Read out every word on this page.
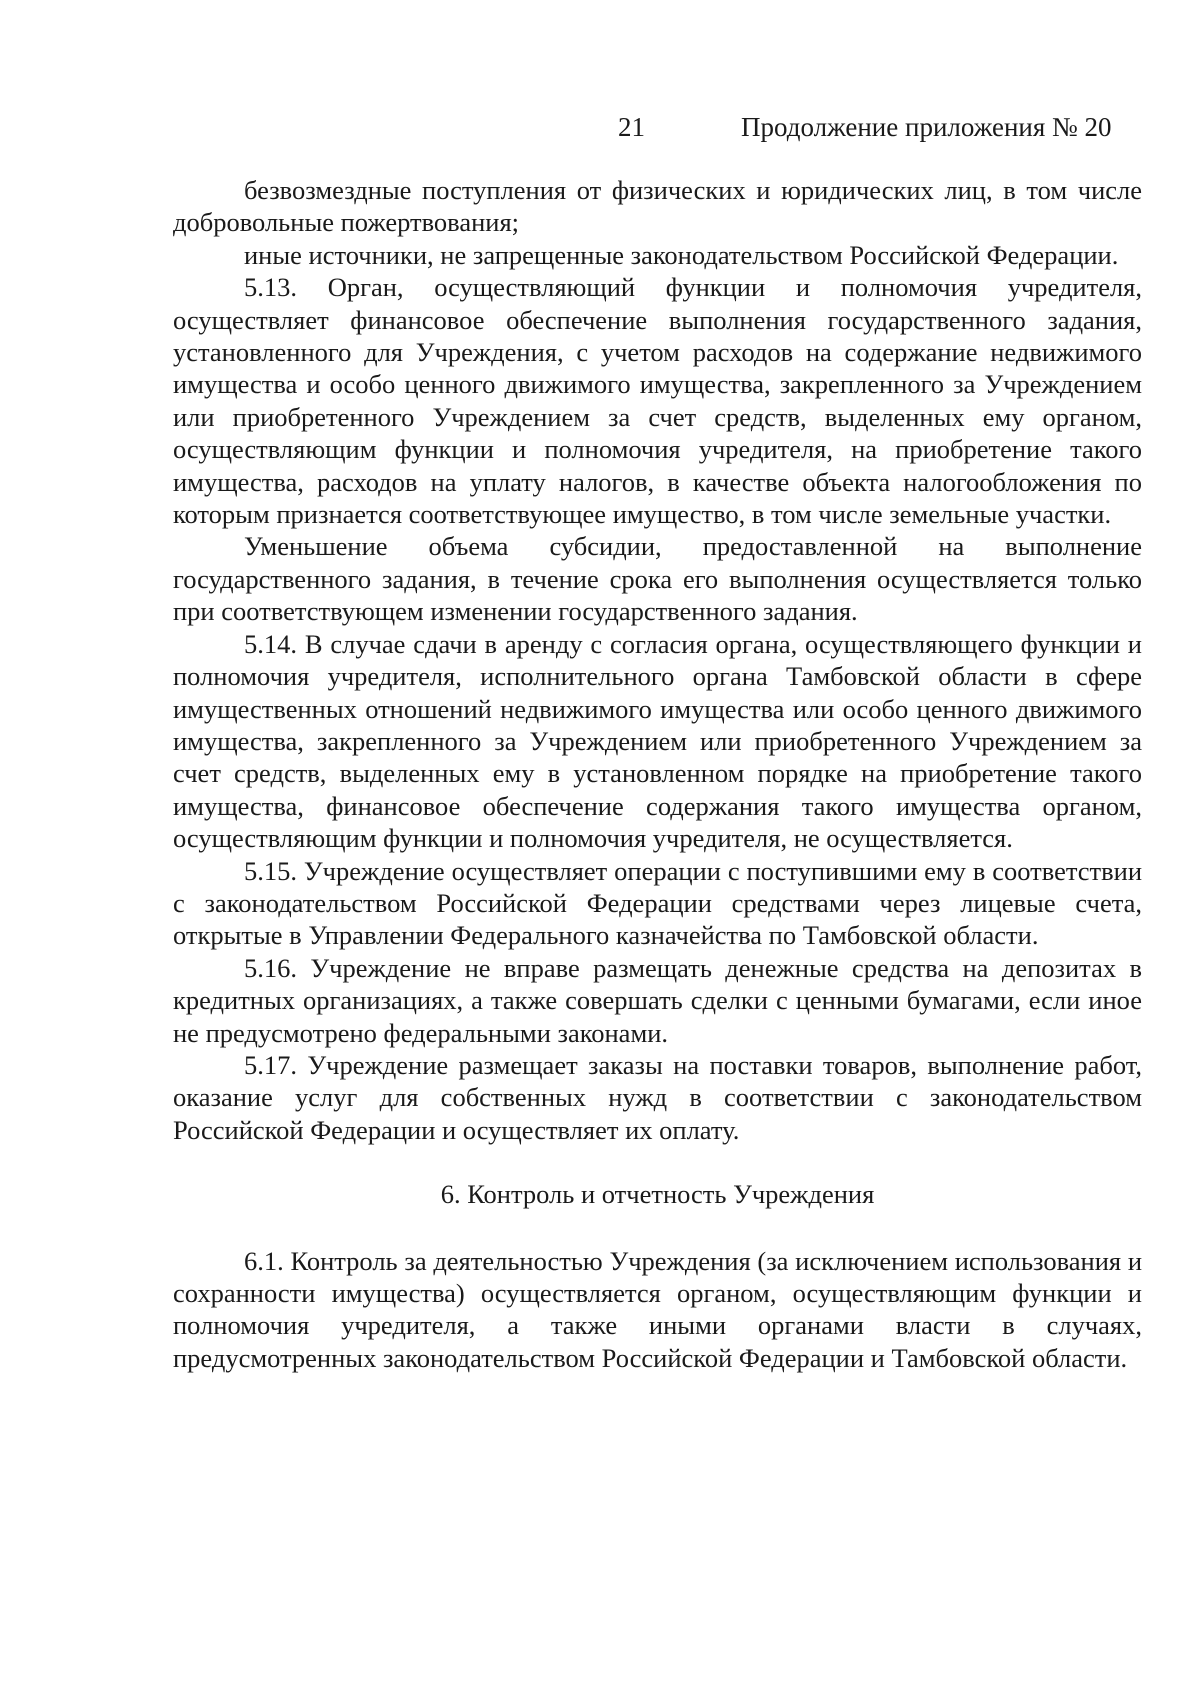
21	Продолжение приложения № 20

безвозмездные поступления от физических и юридических лиц, в том числе добровольные пожертвования;

иные источники, не запрещенные законодательством Российской Федерации.

5.13. Орган, осуществляющий функции и полномочия учредителя, осуществляет финансовое обеспечение выполнения государственного задания, установленного для Учреждения, с учетом расходов на содержание недвижимого имущества и особо ценного движимого имущества, закрепленного за Учреждением или приобретенного Учреждением за счет средств, выделенных ему органом, осуществляющим функции и полномочия учредителя, на приобретение такого имущества, расходов на уплату налогов, в качестве объекта налогообложения по которым признается соответствующее имущество, в том числе земельные участки.

Уменьшение объема субсидии, предоставленной на выполнение государственного задания, в течение срока его выполнения осуществляется только при соответствующем изменении государственного задания.

5.14. В случае сдачи в аренду с согласия органа, осуществляющего функции и полномочия учредителя, исполнительного органа Тамбовской области в сфере имущественных отношений недвижимого имущества или особо ценного движимого имущества, закрепленного за Учреждением или приобретенного Учреждением за счет средств, выделенных ему в установленном порядке на приобретение такого имущества, финансовое обеспечение содержания такого имущества органом, осуществляющим функции и полномочия учредителя, не осуществляется.

5.15. Учреждение осуществляет операции с поступившими ему в соответствии с законодательством Российской Федерации средствами через лицевые счета, открытые в Управлении Федерального казначейства по Тамбовской области.

5.16. Учреждение не вправе размещать денежные средства на депозитах в кредитных организациях, а также совершать сделки с ценными бумагами, если иное не предусмотрено федеральными законами.

5.17. Учреждение размещает заказы на поставки товаров, выполнение работ, оказание услуг для собственных нужд в соответствии с законодательством Российской Федерации и осуществляет их оплату.

6. Контроль и отчетность Учреждения

6.1. Контроль за деятельностью Учреждения (за исключением использования и сохранности имущества) осуществляется органом, осуществляющим функции и полномочия учредителя, а также иными органами власти в случаях, предусмотренных законодательством Российской Федерации и Тамбовской области.
